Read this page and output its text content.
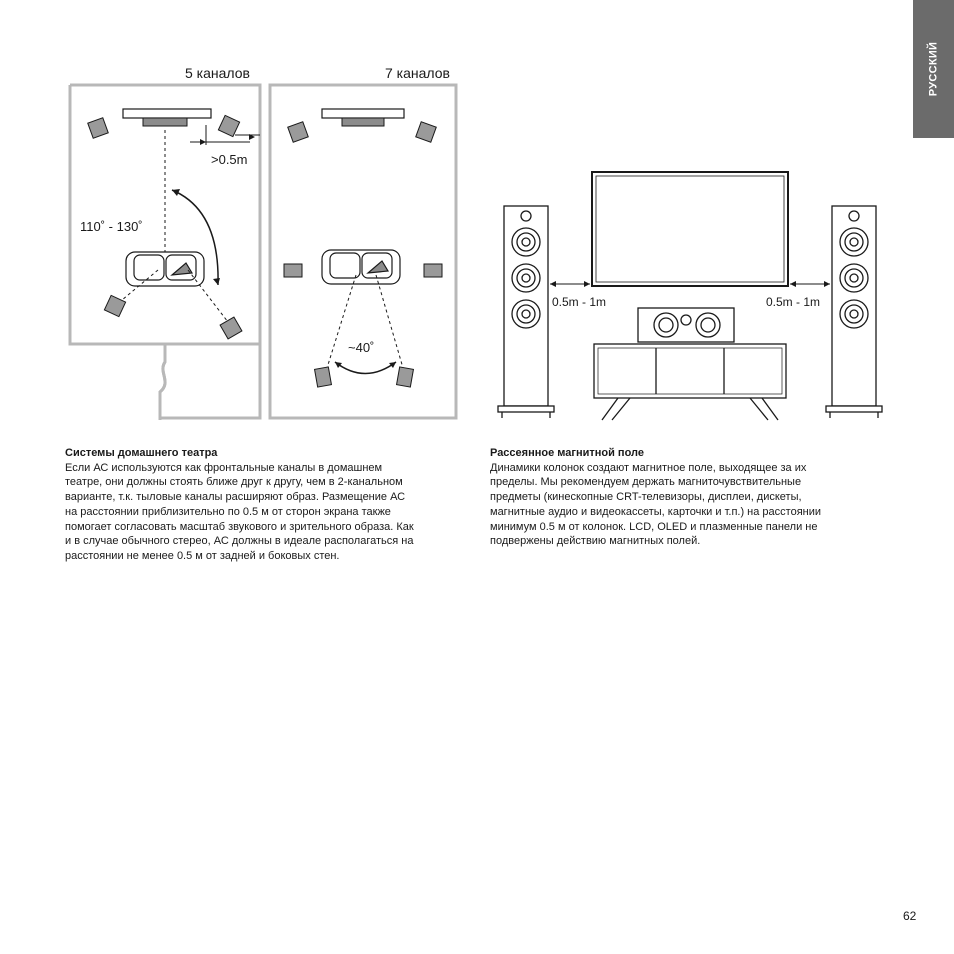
РУССКИЙ
5 каналов	7 каналов
>0.5m
110˚ - 130˚
~40˚
0.5m - 1m	0.5m - 1m
Системы домашнего театра

Если АС используются как фронтальные каналы в домашнем

театре, они должны стоять ближе друг к другу, чем в 2-канальном

варианте, т.к. тыловые каналы расширяют образ. Размещение АС

на расстоянии приблизительно по 0.5 м от сторон экрана также

помогает согласовать масштаб звукового и зрительного образа. Как

и в случае обычного стерео, АС должны в идеале располагаться на

расстоянии не менее 0.5 м от задней и боковых стен.

Рассеянное магнитной поле

Динамики колонок создают магнитное поле, выходящее за их

пределы. Мы рекомендуем держать магниточувствительные

предметы (кинескопные CRT-телевизоры, дисплеи, дискеты,

магнитные аудио и видеокассеты, карточки и т.п.) на расстоянии

минимум 0.5 м от колонок. LCD, OLED и плазменные панели не

подвержены действию магнитных полей.

62
